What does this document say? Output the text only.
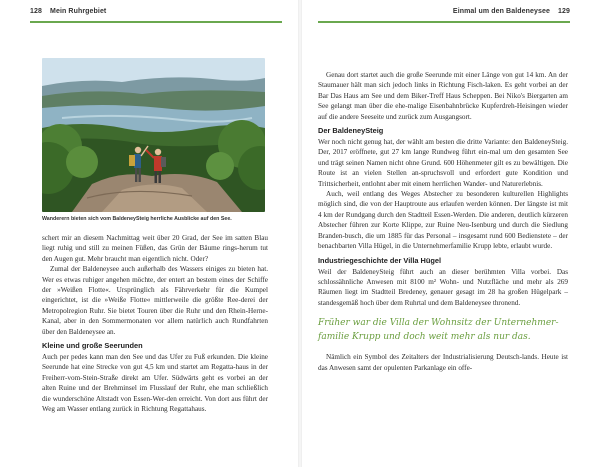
128 Mein Ruhrgebiet
Wanderern bieten sich vom BaldeneySteig herrliche Ausblicke auf den See.

schert mir an diesem Nachmittag weit über 20 Grad, der See im satten Blau liegt ruhig und still zu meinen Füßen, das Grün der Bäume rings-herum tut den Augen gut. Mehr braucht man eigentlich nicht. Oder?

Zumal der Baldeneysee auch außerhalb des Wassers einiges zu bieten hat. Wer es etwas ruhiger angehen möchte, der entert an bestem eines der Schiffe der »Weißen Flotte«. Ursprünglich als Fährverkehr für die Kumpel eingerichtet, ist die »Weiße Flotte« mittlerweile die größte Ree-derei der Metropolregion Ruhr. Sie bietet Touren über die Ruhr und den Rhein-Herne-Kanal, aber in den Sommermonaten vor allem natürlich auch Rundfahrten über den Baldeneysee an.

Kleine und große Seerunden

Auch per pedes kann man den See und das Ufer zu Fuß erkunden. Die kleine Seerunde hat eine Strecke von gut 4,5 km und startet am Regatta-haus in der Freiherr-vom-Stein-Straße direkt am Ufer. Südwärts geht es vorbei an der alten Ruine und der Brehminsel im Flusslauf der Ruhr, ehe man schließlich die wunderschöne Altstadt von Essen-Wer-den erreicht. Von dort aus führt der Weg am Wasser entlang zurück in Richtung Regattahaus.

Einmal um den Baldeneysee 129

Genau dort startet auch die große Seerunde mit einer Länge von gut 14 km. An der Staumauer hält man sich jedoch links in Richtung Fisch-laken. Es geht vorbei an der Bar Das Haus am See und dem Biker-Treff Haus Scheppen. Bei Niko's Biergarten am See gelangt man über die ehe-malige Eisenbahnbrücke Kupferdreh-Heisingen wieder auf die andere Seeseite und zurück zum Ausgangsort.

Der BaldeneySteig

Wer noch nicht genug hat, der wählt am besten die dritte Variante: den BaldeneySteig. Der, 2017 eröffnete, gut 27 km lange Rundweg führt ein-mal um den gesamten See und trägt seinen Namen nicht ohne Grund. 600 Höhenmeter gilt es zu bewältigen. Die Route ist an vielen Stellen an-spruchsvoll und erfordert gute Kondition und Trittsicherheit, entlohnt aber mit einem herrlichen Wander- und Naturerlebnis.

Auch, weil entlang des Weges Abstecher zu besonderen kulturellen Highlights möglich sind, die von der Hauptroute aus erlaufen werden können. Der längste ist mit 4 km der Rundgang durch den Stadtteil Essen-Werden. Die anderen, deutlich kürzeren Abstecher führen zur Korte Klippe, zur Ruine Neu-Isenburg und durch die Siedlung Branden-busch, die um 1885 für das Personal – insgesamt rund 600 Bedienstete – der benachbarten Villa Hügel, in die Unternehmerfamilie Krupp lebte, erlaubt wurde.

Industriegeschichte der Villa Hügel

Weil der BaldeneySteig führt auch an dieser berühmten Villa vorbei. Das schlossähnliche Anwesen mit 8100 m² Wohn- und Nutzfläche und mehr als 269 Räumen liegt im Stadtteil Bredeney, genauer gesagt im 28 ha großen Hügelpark – standesgemäß hoch über dem Ruhrtal und dem Baldeneysee thronend.

Früher war die Villa der Wohnsitz der Unternehmer-familie Krupp und doch weit mehr als nur das.

Nämlich ein Symbol des Zeitalters der Industrialisierung Deutsch-lands. Heute ist das Anwesen samt der opulenten Parkanlage ein offe-
